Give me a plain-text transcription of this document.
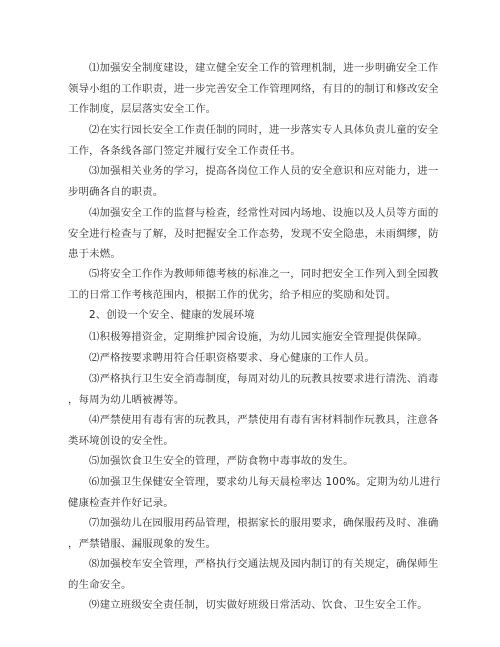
⑴加强安全制度建设，建立健全安全工作的管理机制，进一步明确安全工作
领导小组的工作职责，进一步完善安全工作管理网络，有目的的制订和修改安全
工作制度，层层落实安全工作。

⑵在实行园长安全工作责任制的同时，进一步落实专人具体负责儿童的安全
工作，各条线各部门签定并履行安全工作责任书。

⑶加强相关业务的学习，提高各岗位工作人员的安全意识和应对能力，进一
步明确各自的职责。

⑷加强安全工作的监督与检查，经常性对园内场地、设施以及人员等方面的
安全进行检查与了解，及时把握安全工作态势，发现不安全隐患，未雨绸缪，防
患于未燃。

⑸将安全工作作为教师师德考核的标准之一，同时把安全工作列入到全园教
工的日常工作考核范围内，根据工作的优劣，给予相应的奖励和处罚。

2、创设一个安全、健康的发展环境

⑴积极筹措资金，定期维护园舍设施，为幼儿园实施安全管理提供保障。

⑵严格按要求聘用符合任职资格要求、身心健康的工作人员。

⑶严格执行卫生安全消毒制度，每周对幼儿的玩教具按要求进行清洗、消毒
，每周为幼儿晒被褥等。

⑷严禁使用有毒有害的玩教具，严禁使用有毒有害材料制作玩教具，注意各
类环境创设的安全性。

⑸加强饮食卫生安全的管理，严防食物中毒事故的发生。

⑹加强卫生保健安全管理，要求幼儿每天晨检率达 100%。定期为幼儿进行
健康检查并作好记录。

⑺加强幼儿在园服用药品管理，根据家长的服用要求，确保服药及时、准确
，严禁错服、漏服现象的发生。

⑻加强校车安全管理，严格执行交通法规及园内制订的有关规定，确保师生
的生命安全。

⑼建立班级安全责任制，切实做好班级日常活动、饮食、卫生安全工作。
